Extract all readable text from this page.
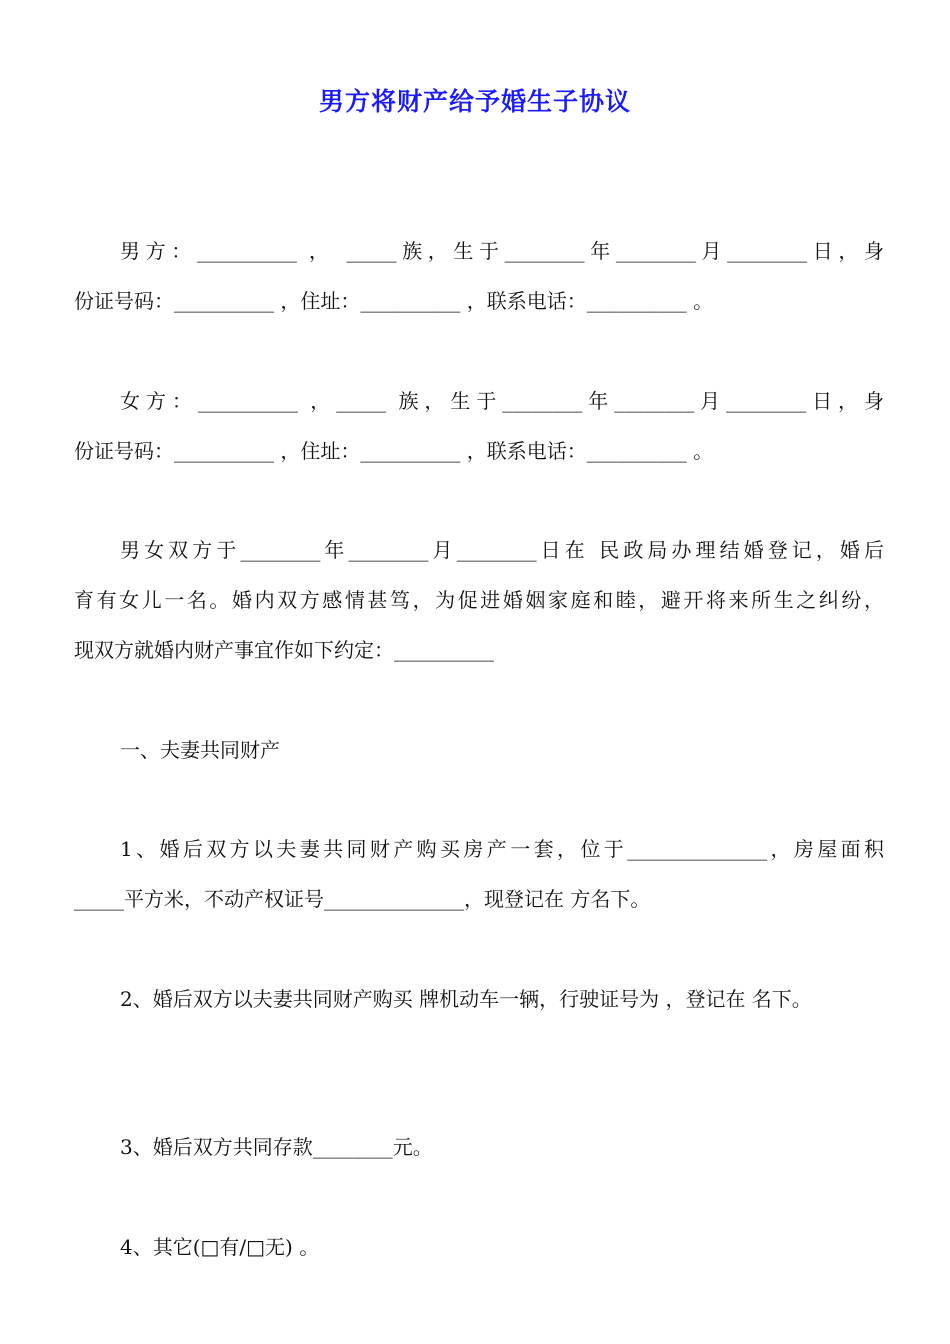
男方将财产给予婚生子协议
男方：__________ ， _____族，生于________年________月________日，身
份证号码：__________ ，住址：__________ ，联系电话：__________ 。
女方：__________ ，_____ 族，生于________年________月________日，身
份证号码：__________ ，住址：__________ ，联系电话：__________ 。
男女双方于________年________月________日在 民政局办理结婚登记，婚后
育有女儿一名。婚内双方感情甚笃，为促进婚姻家庭和睦，避开将来所生之纠纷，
现双方就婚内财产事宜作如下约定：__________
一、夫妻共同财产
1、婚后双方以夫妻共同财产购买房产一套，位于______________，房屋面积
_____平方米，不动产权证号______________，现登记在 方名下。
2、婚后双方以夫妻共同财产购买 牌机动车一辆，行驶证号为 ，登记在 名下。
3、婚后双方共同存款________元。
4、其它(□有/□无) 。
